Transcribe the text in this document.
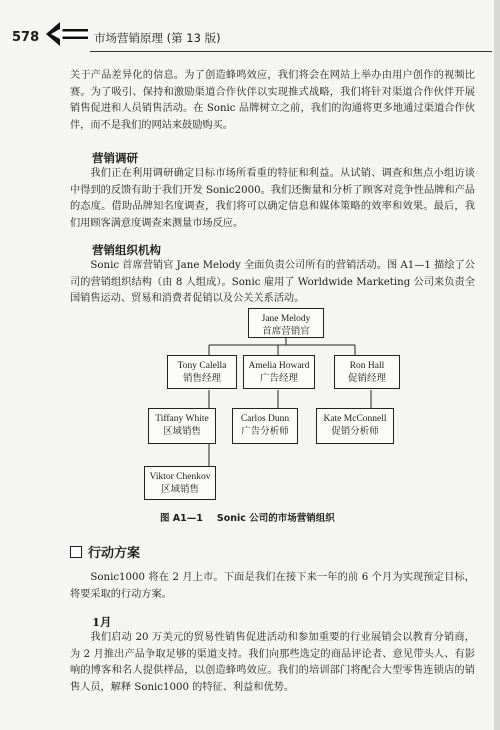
578	市场营销原理 (第 13 版)

关于产品差异化的信息。为了创造蜂鸣效应，我们将会在网站上举办由用户创作的视频比赛。为了吸引、保持和激励渠道合作伙伴以实现推式战略，我们将针对渠道合作伙伴开展销售促进和人员销售活动。在 Sonic 品牌树立之前，我们的沟通将更多地通过渠道合作伙伴，而不是我们的网站来鼓励购买。

营销调研

我们正在利用调研确定目标市场所看重的特征和利益。从试销、调查和焦点小组访谈中得到的反馈有助于我们开发 Sonic2000。我们还衡量和分析了顾客对竞争性品牌和产品的态度。借助品牌知名度调查，我们将可以确定信息和媒体策略的效率和效果。最后，我们用顾客满意度调查来测量市场反应。

营销组织机构

Sonic 首席营销官 Jane Melody 全面负责公司所有的营销活动。图 A1—1 描绘了公司的营销组织结构（由 8 人组成）。Sonic 雇用了 Worldwide Marketing 公司来负责全国销售运动、贸易和消费者促销以及公关关系活动。

Jane Melody
首席营销官
Tony Calella
销售经理
Amelia Howard
广告经理
Ron Hall
促销经理
Tiffany White
区域销售
Carlos Dunn
广告分析师
Kate McConnell
促销分析师
Viktor Chenkov
区域销售
图 A1—1 Sonic 公司的市场营销组织
行动方案

Sonic1000 将在 2 月上市。下面是我们在接下来一年的前 6 个月为实现预定目标，将要采取的行动方案。

1月

我们启动 20 万美元的贸易性销售促进活动和参加重要的行业展销会以教育分销商，为 2 月推出产品争取足够的渠道支持。我们向那些选定的商品评论者、意见带头人、有影响的博客和名人提供样品，以创造蜂鸣效应。我们的培训部门将配合大型零售连锁店的销售人员，解释 Sonic1000 的特征、利益和优势。
